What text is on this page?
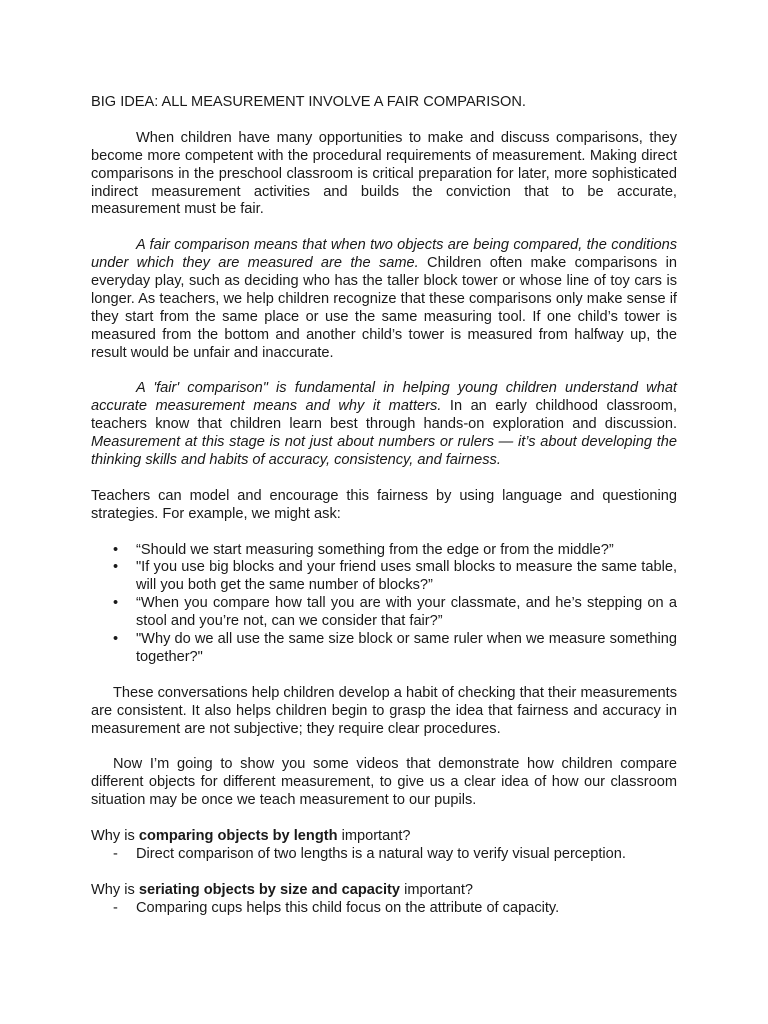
BIG IDEA: ALL MEASUREMENT INVOLVE A FAIR COMPARISON.

When children have many opportunities to make and discuss comparisons, they become more competent with the procedural requirements of measurement. Making direct comparisons in the preschool classroom is critical preparation for later, more sophisticated indirect measurement activities and builds the conviction that to be accurate, measurement must be fair.

A fair comparison means that when two objects are being compared, the conditions under which they are measured are the same. Children often make comparisons in everyday play, such as deciding who has the taller block tower or whose line of toy cars is longer. As teachers, we help children recognize that these comparisons only make sense if they start from the same place or use the same measuring tool. If one child’s tower is measured from the bottom and another child’s tower is measured from halfway up, the result would be unfair and inaccurate.

A 'fair' comparison" is fundamental in helping young children understand what accurate measurement means and why it matters. In an early childhood classroom, teachers know that children learn best through hands-on exploration and discussion. Measurement at this stage is not just about numbers or rulers — it’s about developing the thinking skills and habits of accuracy, consistency, and fairness.

Teachers can model and encourage this fairness by using language and questioning strategies. For example, we might ask:

• “Should we start measuring something from the edge or from the middle?”
• "If you use big blocks and your friend uses small blocks to measure the same table, will you both get the same number of blocks?”
• “When you compare how tall you are with your classmate, and he’s stepping on a stool and you’re not, can we consider that fair?”
• "Why do we all use the same size block or same ruler when we measure something together?"

These conversations help children develop a habit of checking that their measurements are consistent. It also helps children begin to grasp the idea that fairness and accuracy in measurement are not subjective; they require clear procedures.

Now I’m going to show you some videos that demonstrate how children compare different objects for different measurement, to give us a clear idea of how our classroom situation may be once we teach measurement to our pupils.

Why is comparing objects by length important?

- Direct comparison of two lengths is a natural way to verify visual perception.

Why is seriating objects by size and capacity important?

- Comparing cups helps this child focus on the attribute of capacity.
